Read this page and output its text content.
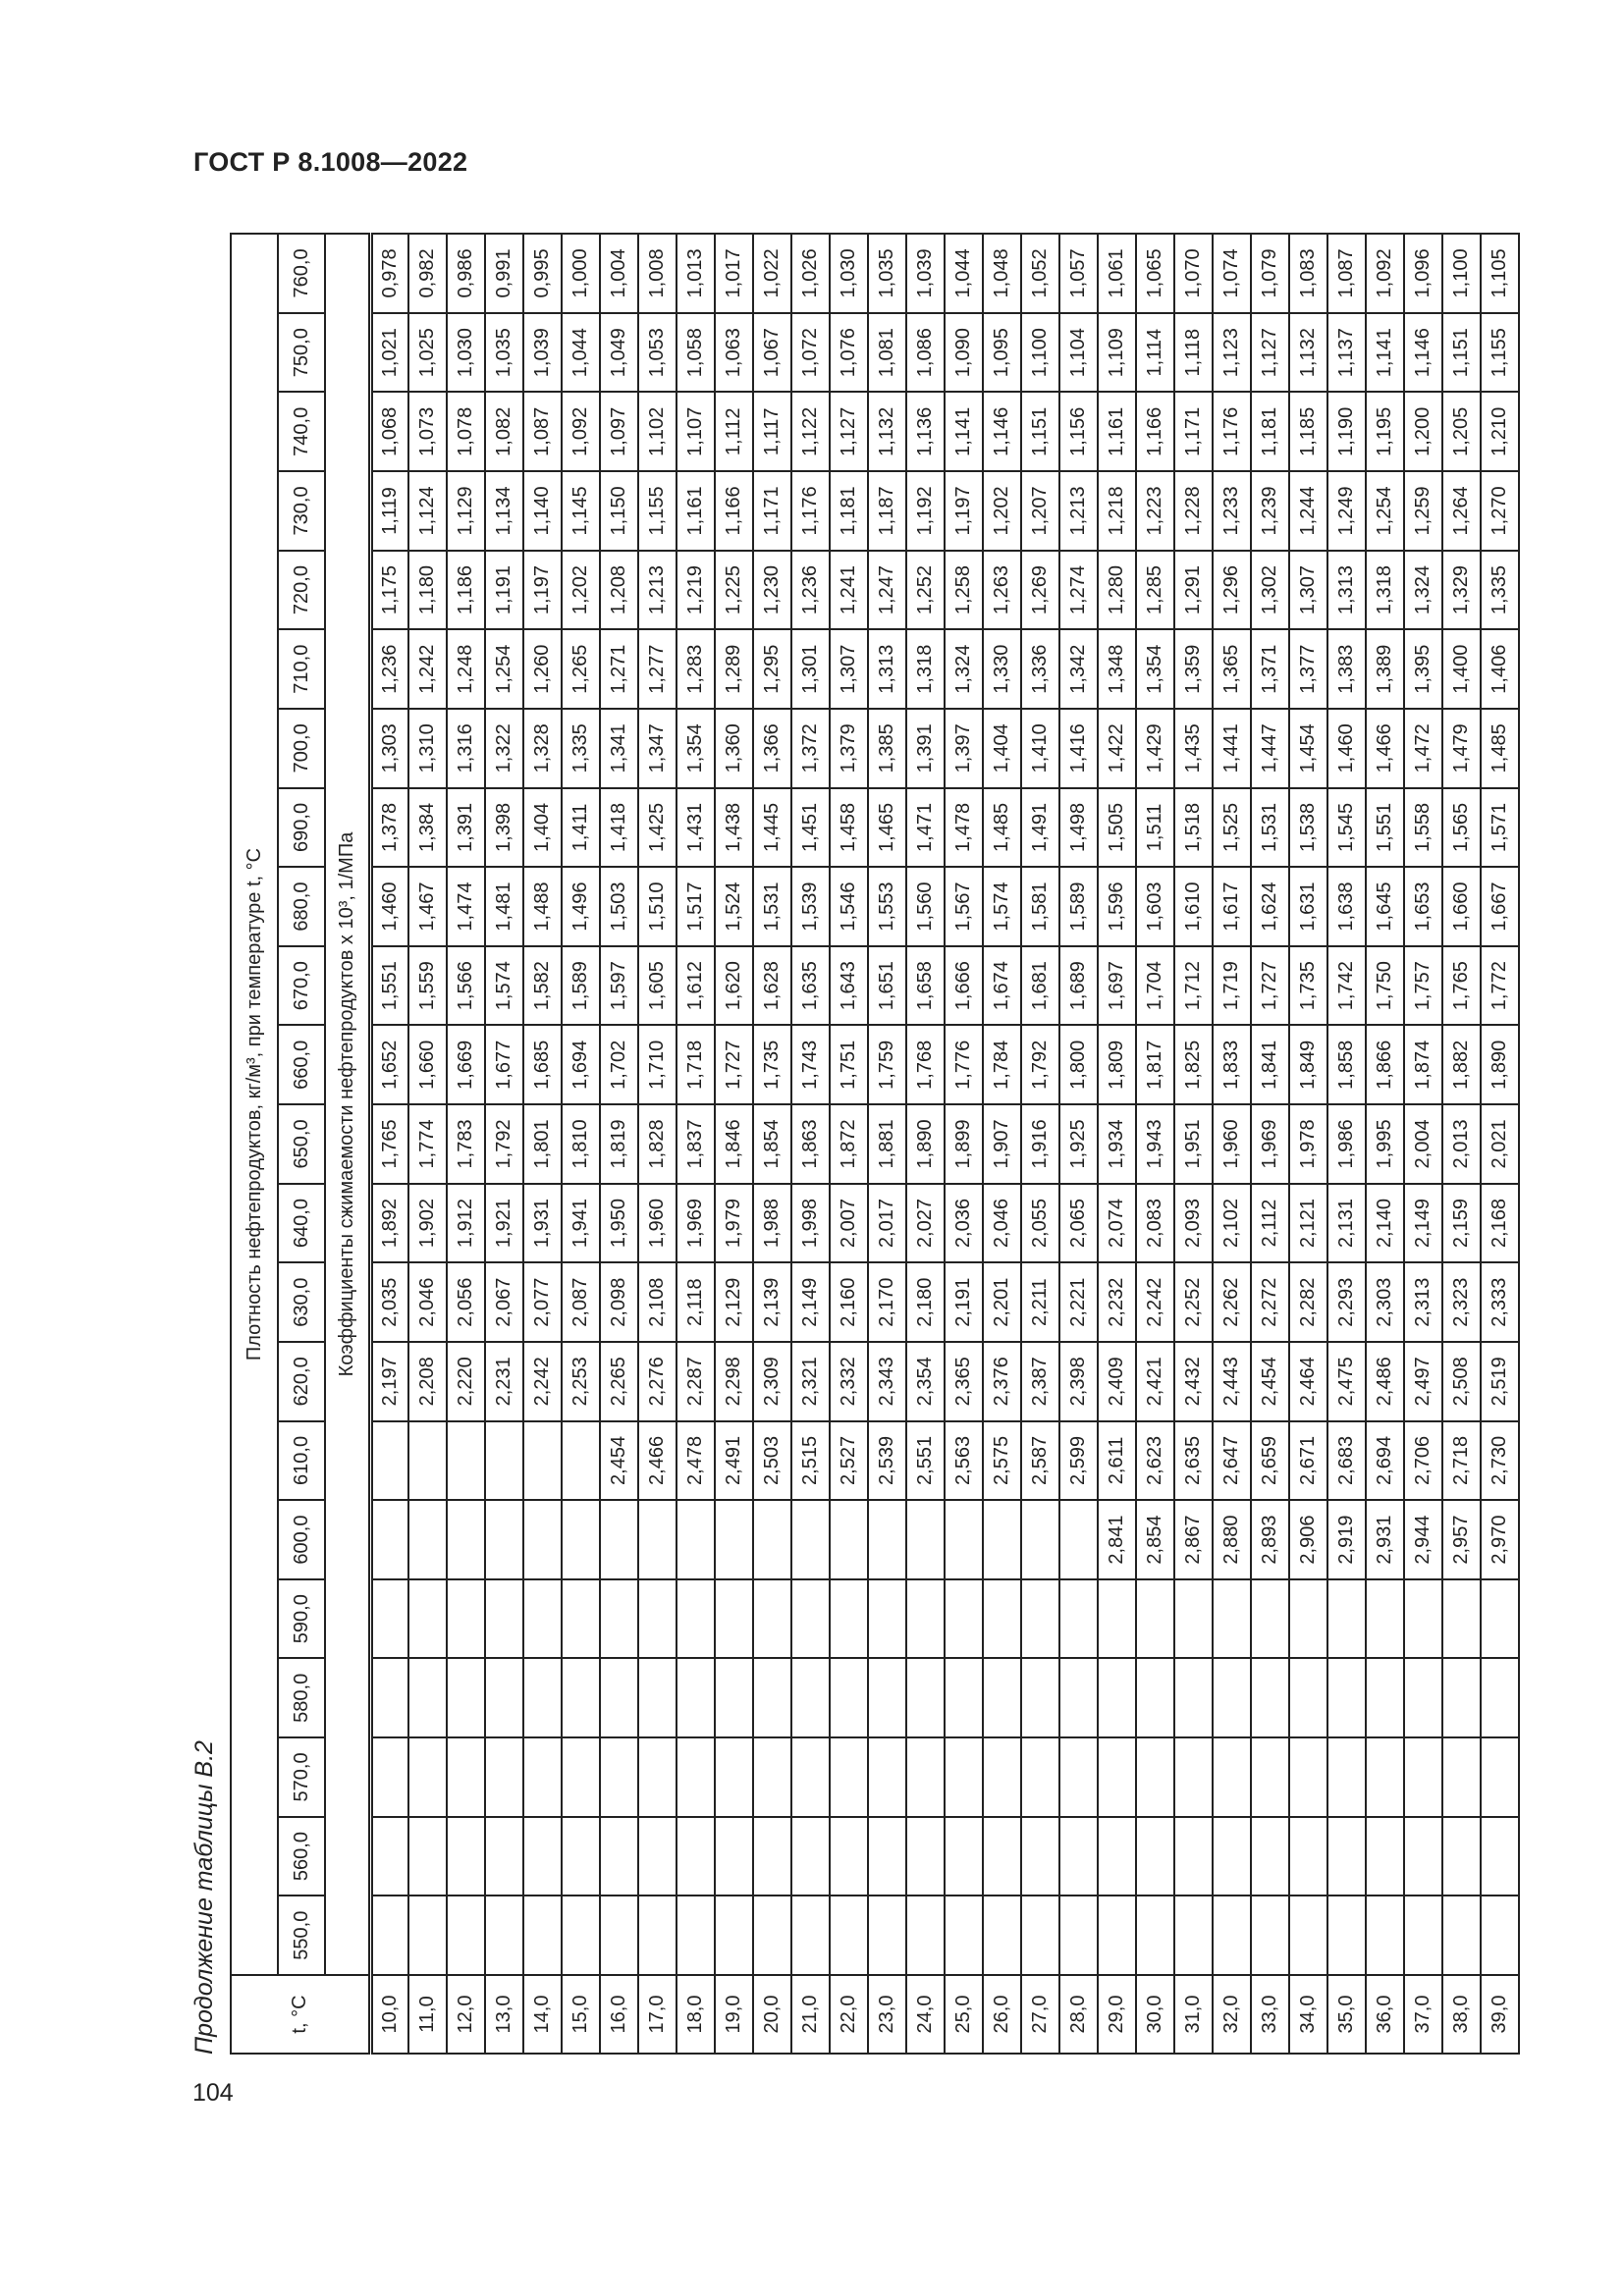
ГОСТ Р 8.1008—2022
Продолжение таблицы В.2
104
t, °C	Плотность нефтепродуктов, кг/м³, при температуре t, °C																					
	550,0	560,0	570,0	580,0	590,0	600,0	610,0	620,0	630,0	640,0	650,0	660,0	670,0	680,0	690,0	700,0	710,0	720,0	730,0	740,0	750,0	760,0
	Коэффициенты сжимаемости нефтепродуктов х 10³, 1/МПа																					
10,0								2,197	2,035	1,892	1,765	1,652	1,551	1,460	1,378	1,303	1,236	1,175	1,119	1,068	1,021	0,978
11,0								2,208	2,046	1,902	1,774	1,660	1,559	1,467	1,384	1,310	1,242	1,180	1,124	1,073	1,025	0,982
12,0								2,220	2,056	1,912	1,783	1,669	1,566	1,474	1,391	1,316	1,248	1,186	1,129	1,078	1,030	0,986
13,0								2,231	2,067	1,921	1,792	1,677	1,574	1,481	1,398	1,322	1,254	1,191	1,134	1,082	1,035	0,991
14,0								2,242	2,077	1,931	1,801	1,685	1,582	1,488	1,404	1,328	1,260	1,197	1,140	1,087	1,039	0,995
15,0								2,253	2,087	1,941	1,810	1,694	1,589	1,496	1,411	1,335	1,265	1,202	1,145	1,092	1,044	1,000
16,0							2,454	2,265	2,098	1,950	1,819	1,702	1,597	1,503	1,418	1,341	1,271	1,208	1,150	1,097	1,049	1,004
17,0							2,466	2,276	2,108	1,960	1,828	1,710	1,605	1,510	1,425	1,347	1,277	1,213	1,155	1,102	1,053	1,008
18,0							2,478	2,287	2,118	1,969	1,837	1,718	1,612	1,517	1,431	1,354	1,283	1,219	1,161	1,107	1,058	1,013
19,0							2,491	2,298	2,129	1,979	1,846	1,727	1,620	1,524	1,438	1,360	1,289	1,225	1,166	1,112	1,063	1,017
20,0							2,503	2,309	2,139	1,988	1,854	1,735	1,628	1,531	1,445	1,366	1,295	1,230	1,171	1,117	1,067	1,022
21,0							2,515	2,321	2,149	1,998	1,863	1,743	1,635	1,539	1,451	1,372	1,301	1,236	1,176	1,122	1,072	1,026
22,0							2,527	2,332	2,160	2,007	1,872	1,751	1,643	1,546	1,458	1,379	1,307	1,241	1,181	1,127	1,076	1,030
23,0							2,539	2,343	2,170	2,017	1,881	1,759	1,651	1,553	1,465	1,385	1,313	1,247	1,187	1,132	1,081	1,035
24,0							2,551	2,354	2,180	2,027	1,890	1,768	1,658	1,560	1,471	1,391	1,318	1,252	1,192	1,136	1,086	1,039
25,0							2,563	2,365	2,191	2,036	1,899	1,776	1,666	1,567	1,478	1,397	1,324	1,258	1,197	1,141	1,090	1,044
26,0							2,575	2,376	2,201	2,046	1,907	1,784	1,674	1,574	1,485	1,404	1,330	1,263	1,202	1,146	1,095	1,048
27,0							2,587	2,387	2,211	2,055	1,916	1,792	1,681	1,581	1,491	1,410	1,336	1,269	1,207	1,151	1,100	1,052
28,0							2,599	2,398	2,221	2,065	1,925	1,800	1,689	1,589	1,498	1,416	1,342	1,274	1,213	1,156	1,104	1,057
29,0						2,841	2,611	2,409	2,232	2,074	1,934	1,809	1,697	1,596	1,505	1,422	1,348	1,280	1,218	1,161	1,109	1,061
30,0						2,854	2,623	2,421	2,242	2,083	1,943	1,817	1,704	1,603	1,511	1,429	1,354	1,285	1,223	1,166	1,114	1,065
31,0						2,867	2,635	2,432	2,252	2,093	1,951	1,825	1,712	1,610	1,518	1,435	1,359	1,291	1,228	1,171	1,118	1,070
32,0						2,880	2,647	2,443	2,262	2,102	1,960	1,833	1,719	1,617	1,525	1,441	1,365	1,296	1,233	1,176	1,123	1,074
33,0						2,893	2,659	2,454	2,272	2,112	1,969	1,841	1,727	1,624	1,531	1,447	1,371	1,302	1,239	1,181	1,127	1,079
34,0						2,906	2,671	2,464	2,282	2,121	1,978	1,849	1,735	1,631	1,538	1,454	1,377	1,307	1,244	1,185	1,132	1,083
35,0						2,919	2,683	2,475	2,293	2,131	1,986	1,858	1,742	1,638	1,545	1,460	1,383	1,313	1,249	1,190	1,137	1,087
36,0						2,931	2,694	2,486	2,303	2,140	1,995	1,866	1,750	1,645	1,551	1,466	1,389	1,318	1,254	1,195	1,141	1,092
37,0						2,944	2,706	2,497	2,313	2,149	2,004	1,874	1,757	1,653	1,558	1,472	1,395	1,324	1,259	1,200	1,146	1,096
38,0						2,957	2,718	2,508	2,323	2,159	2,013	1,882	1,765	1,660	1,565	1,479	1,400	1,329	1,264	1,205	1,151	1,100
39,0						2,970	2,730	2,519	2,333	2,168	2,021	1,890	1,772	1,667	1,571	1,485	1,406	1,335	1,270	1,210	1,155	1,105
